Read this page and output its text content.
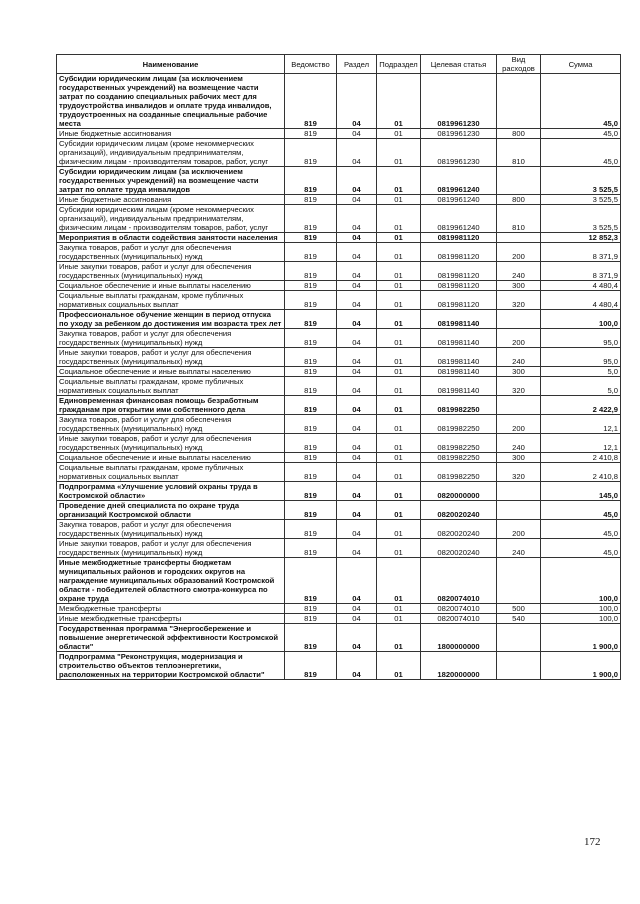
Наименование	Ведомство	Раздел	Подраздел	Целевая статья	Вид расходов	Сумма
Субсидии юридическим лицам (за исключением государственных учреждений) на возмещение части затрат по созданию специальных рабочих мест для трудоустройства инвалидов и оплате труда инвалидов, трудоустроенных на созданные специальные рабочие места	819	04	01	0819961230		45,0
Иные бюджетные ассигнования	819	04	01	0819961230	800	45,0
Субсидии юридическим лицам (кроме некоммерческих организаций), индивидуальным предпринимателям, физическим лицам - производителям товаров, работ, услуг	819	04	01	0819961230	810	45,0
Субсидии юридическим лицам (за исключением государственных учреждений) на возмещение части затрат по оплате труда инвалидов	819	04	01	0819961240		3 525,5
Иные бюджетные ассигнования	819	04	01	0819961240	800	3 525,5
Субсидии юридическим лицам (кроме некоммерческих организаций), индивидуальным предпринимателям, физическим лицам - производителям товаров, работ, услуг	819	04	01	0819961240	810	3 525,5
Мероприятия в области содействия занятости населения	819	04	01	0819981120		12 852,3
Закупка товаров, работ и услуг для обеспечения государственных (муниципальных) нужд	819	04	01	0819981120	200	8 371,9
Иные закупки товаров, работ и услуг для обеспечения государственных (муниципальных) нужд	819	04	01	0819981120	240	8 371,9
Социальное обеспечение и иные выплаты населению	819	04	01	0819981120	300	4 480,4
Социальные выплаты гражданам, кроме публичных нормативных социальных выплат	819	04	01	0819981120	320	4 480,4
Профессиональное обучение женщин в период отпуска по уходу за ребенком до достижения им возраста трех лет	819	04	01	0819981140		100,0
Закупка товаров, работ и услуг для обеспечения государственных (муниципальных) нужд	819	04	01	0819981140	200	95,0
Иные закупки товаров, работ и услуг для обеспечения государственных (муниципальных) нужд	819	04	01	0819981140	240	95,0
Социальное обеспечение и иные выплаты населению	819	04	01	0819981140	300	5,0
Социальные выплаты гражданам, кроме публичных нормативных социальных выплат	819	04	01	0819981140	320	5,0
Единовременная финансовая помощь безработным гражданам при открытии ими собственного дела	819	04	01	0819982250		2 422,9
Закупка товаров, работ и услуг для обеспечения государственных (муниципальных) нужд	819	04	01	0819982250	200	12,1
Иные закупки товаров, работ и услуг для обеспечения государственных (муниципальных) нужд	819	04	01	0819982250	240	12,1
Социальное обеспечение и иные выплаты населению	819	04	01	0819982250	300	2 410,8
Социальные выплаты гражданам, кроме публичных нормативных социальных выплат	819	04	01	0819982250	320	2 410,8
Подпрограмма «Улучшение условий охраны труда в Костромской области»	819	04	01	0820000000		145,0
Проведение дней специалиста по охране труда организаций Костромской области	819	04	01	0820020240		45,0
Закупка товаров, работ и услуг для обеспечения государственных (муниципальных) нужд	819	04	01	0820020240	200	45,0
Иные закупки товаров, работ и услуг для обеспечения государственных (муниципальных) нужд	819	04	01	0820020240	240	45,0
Иные межбюджетные трансферты бюджетам муниципальных районов и городских округов на награждение муниципальных образований Костромской области - победителей областного смотра-конкурса по охране труда	819	04	01	0820074010		100,0
Межбюджетные трансферты	819	04	01	0820074010	500	100,0
Иные межбюджетные трансферты	819	04	01	0820074010	540	100,0
Государственная программа "Энергосбережение и повышение энергетической эффективности Костромской области"	819	04	01	1800000000		1 900,0
Подпрограмма "Реконструкция, модернизация и строительство объектов теплоэнергетики, расположенных на территории Костромской области"	819	04	01	1820000000		1 900,0
172
